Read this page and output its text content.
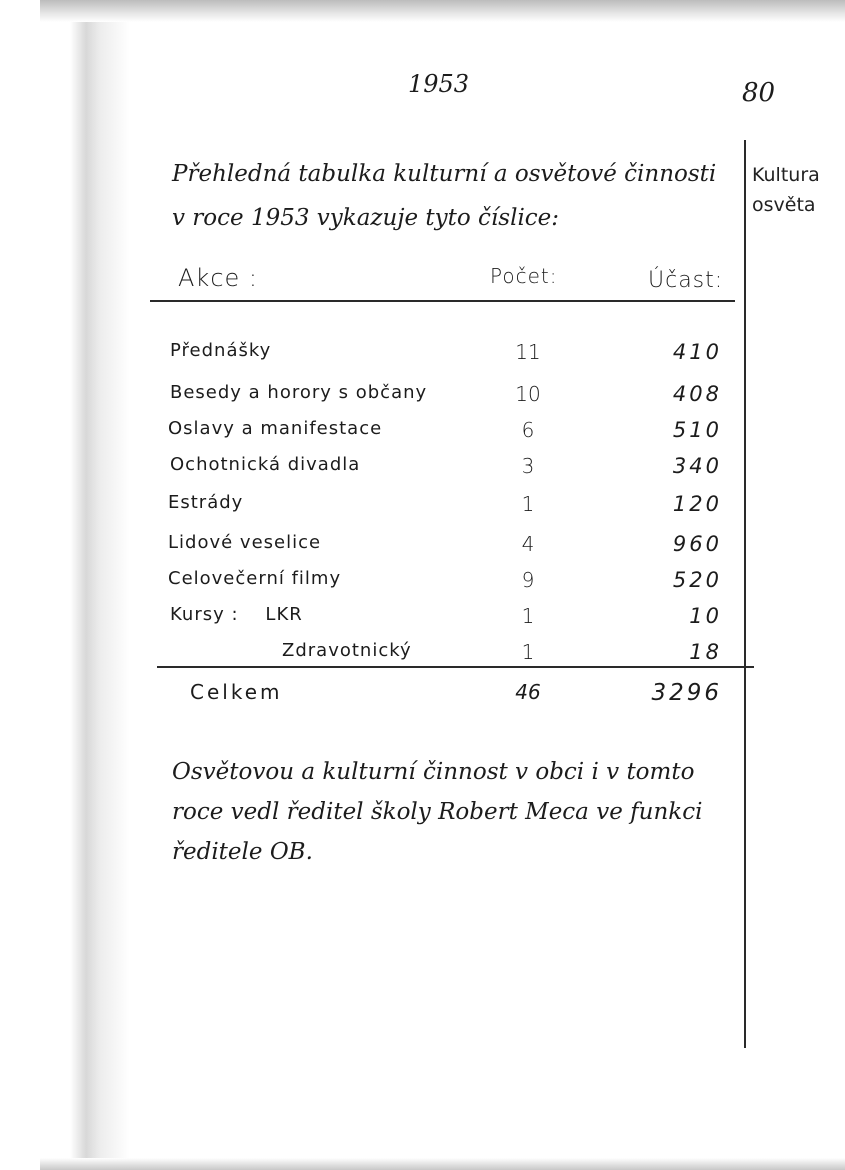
1953	80
Kultura
osvěta
Přehledná tabulka kulturní a osvětové činnosti v roce 1953 vykazuje tyto číslice:
Akce :	Počet:	Účast:
Přednášky	11	410
Besedy a horory s občany	10	408
Oslavy a manifestace	6	510
Ochotnická divadla	3	340
Estrády	1	120
Lidové veselice	4	960
Celovečerní filmy	9	520
Kursy :    LKR	1	10
Zdravotnický	1	18
Celkem	46	3296
Osvětovou a kulturní činnost v obci i v tomto roce vedl ředitel školy Robert Meca ve funkci ředitele OB.
